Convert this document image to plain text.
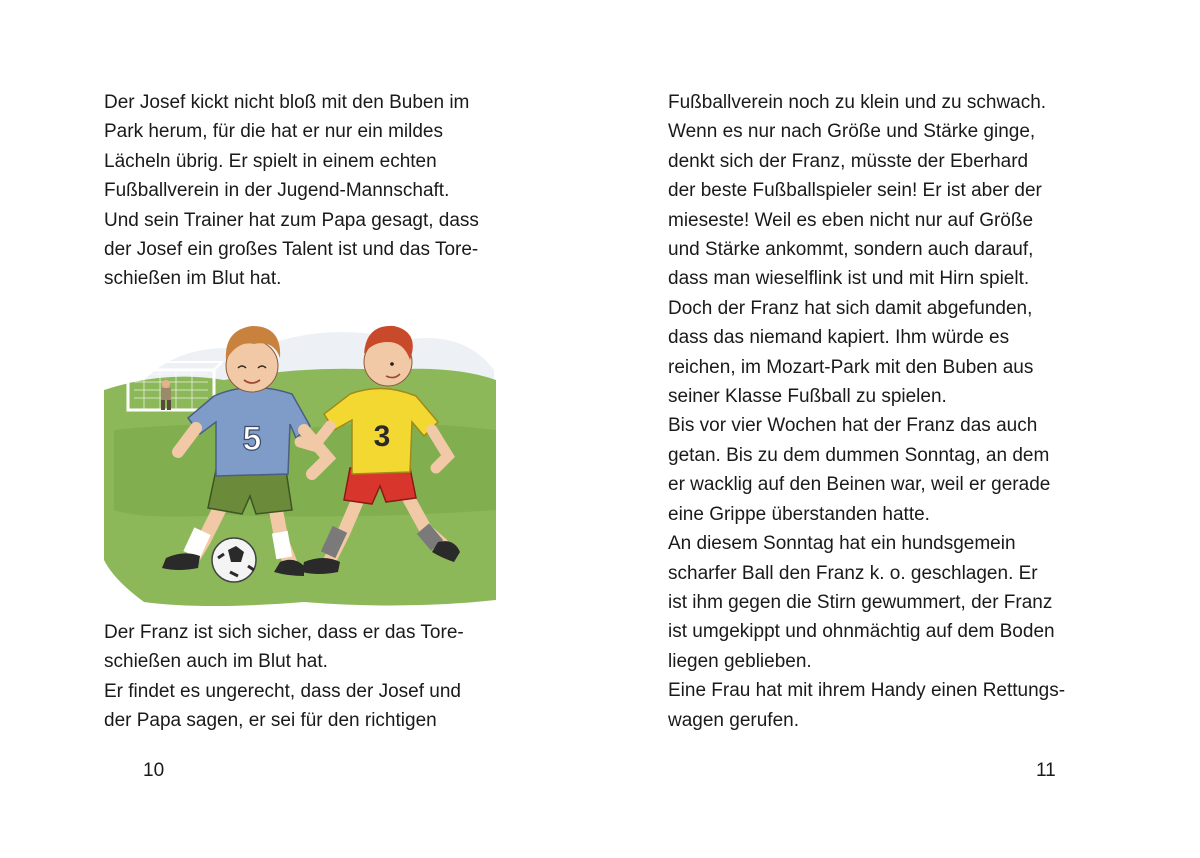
Der Josef kickt nicht bloß mit den Buben im
Park herum, für die hat er nur ein mildes
Lächeln übrig. Er spielt in einem echten
Fußballverein in der Jugend-Mannschaft.
Und sein Trainer hat zum Papa gesagt, dass
der Josef ein großes Talent ist und das Tore-
schießen im Blut hat.

5	3

Der Franz ist sich sicher, dass er das Tore-
schießen auch im Blut hat.
Er findet es ungerecht, dass der Josef und
der Papa sagen, er sei für den richtigen

10

Fußballverein noch zu klein und zu schwach.
Wenn es nur nach Größe und Stärke ginge,
denkt sich der Franz, müsste der Eberhard
der beste Fußballspieler sein! Er ist aber der
mieseste! Weil es eben nicht nur auf Größe
und Stärke ankommt, sondern auch darauf,
dass man wieselflink ist und mit Hirn spielt.
Doch der Franz hat sich damit abgefunden,
dass das niemand kapiert. Ihm würde es
reichen, im Mozart-Park mit den Buben aus
seiner Klasse Fußball zu spielen.
Bis vor vier Wochen hat der Franz das auch
getan. Bis zu dem dummen Sonntag, an dem
er wacklig auf den Beinen war, weil er gerade
eine Grippe überstanden hatte.
An diesem Sonntag hat ein hundsgemein
scharfer Ball den Franz k. o. geschlagen. Er
ist ihm gegen die Stirn gewummert, der Franz
ist umgekippt und ohnmächtig auf dem Boden
liegen geblieben.
Eine Frau hat mit ihrem Handy einen Rettungs-
wagen gerufen.

11
